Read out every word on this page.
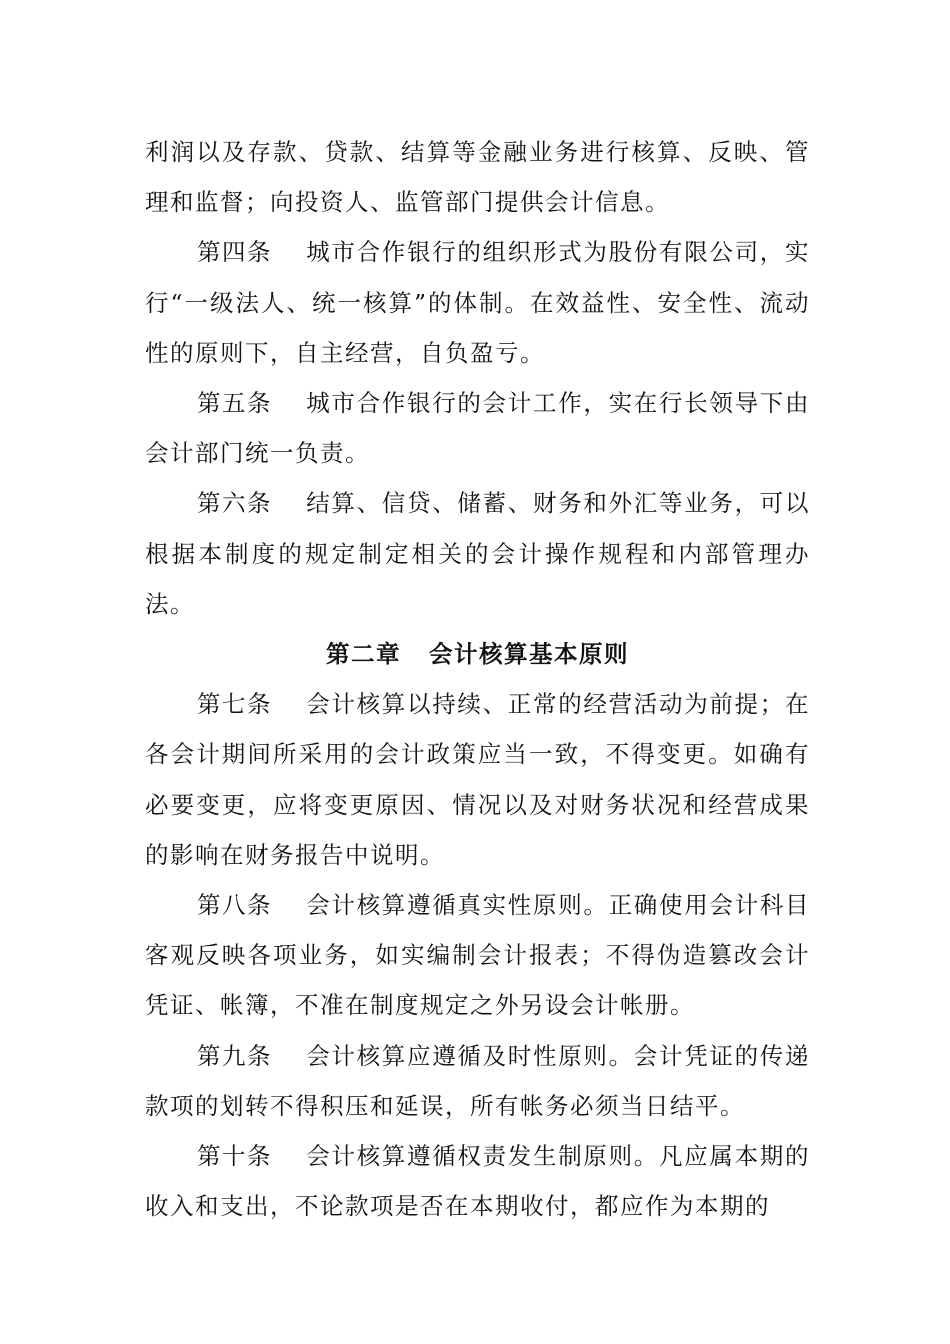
利润以及存款、贷款、结算等金融业务进行核算、反映、管理和监督；向投资人、监管部门提供会计信息。

第四条 城市合作银行的组织形式为股份有限公司，实行“一级法人、统一核算”的体制。在效益性、安全性、流动性的原则下，自主经营，自负盈亏。

第五条 城市合作银行的会计工作，实在行长领导下由会计部门统一负责。

第六条 结算、信贷、储蓄、财务和外汇等业务，可以根据本制度的规定制定相关的会计操作规程和内部管理办法。

第二章 会计核算基本原则

第七条 会计核算以持续、正常的经营活动为前提；在各会计期间所采用的会计政策应当一致，不得变更。如确有必要变更，应将变更原因、情况以及对财务状况和经营成果的影响在财务报告中说明。

第八条 会计核算遵循真实性原则。正确使用会计科目客观反映各项业务，如实编制会计报表；不得伪造篡改会计凭证、帐簿，不准在制度规定之外另设会计帐册。

第九条 会计核算应遵循及时性原则。会计凭证的传递款项的划转不得积压和延误，所有帐务必须当日结平。

第十条 会计核算遵循权责发生制原则。凡应属本期的收入和支出，不论款项是否在本期收付，都应作为本期的
